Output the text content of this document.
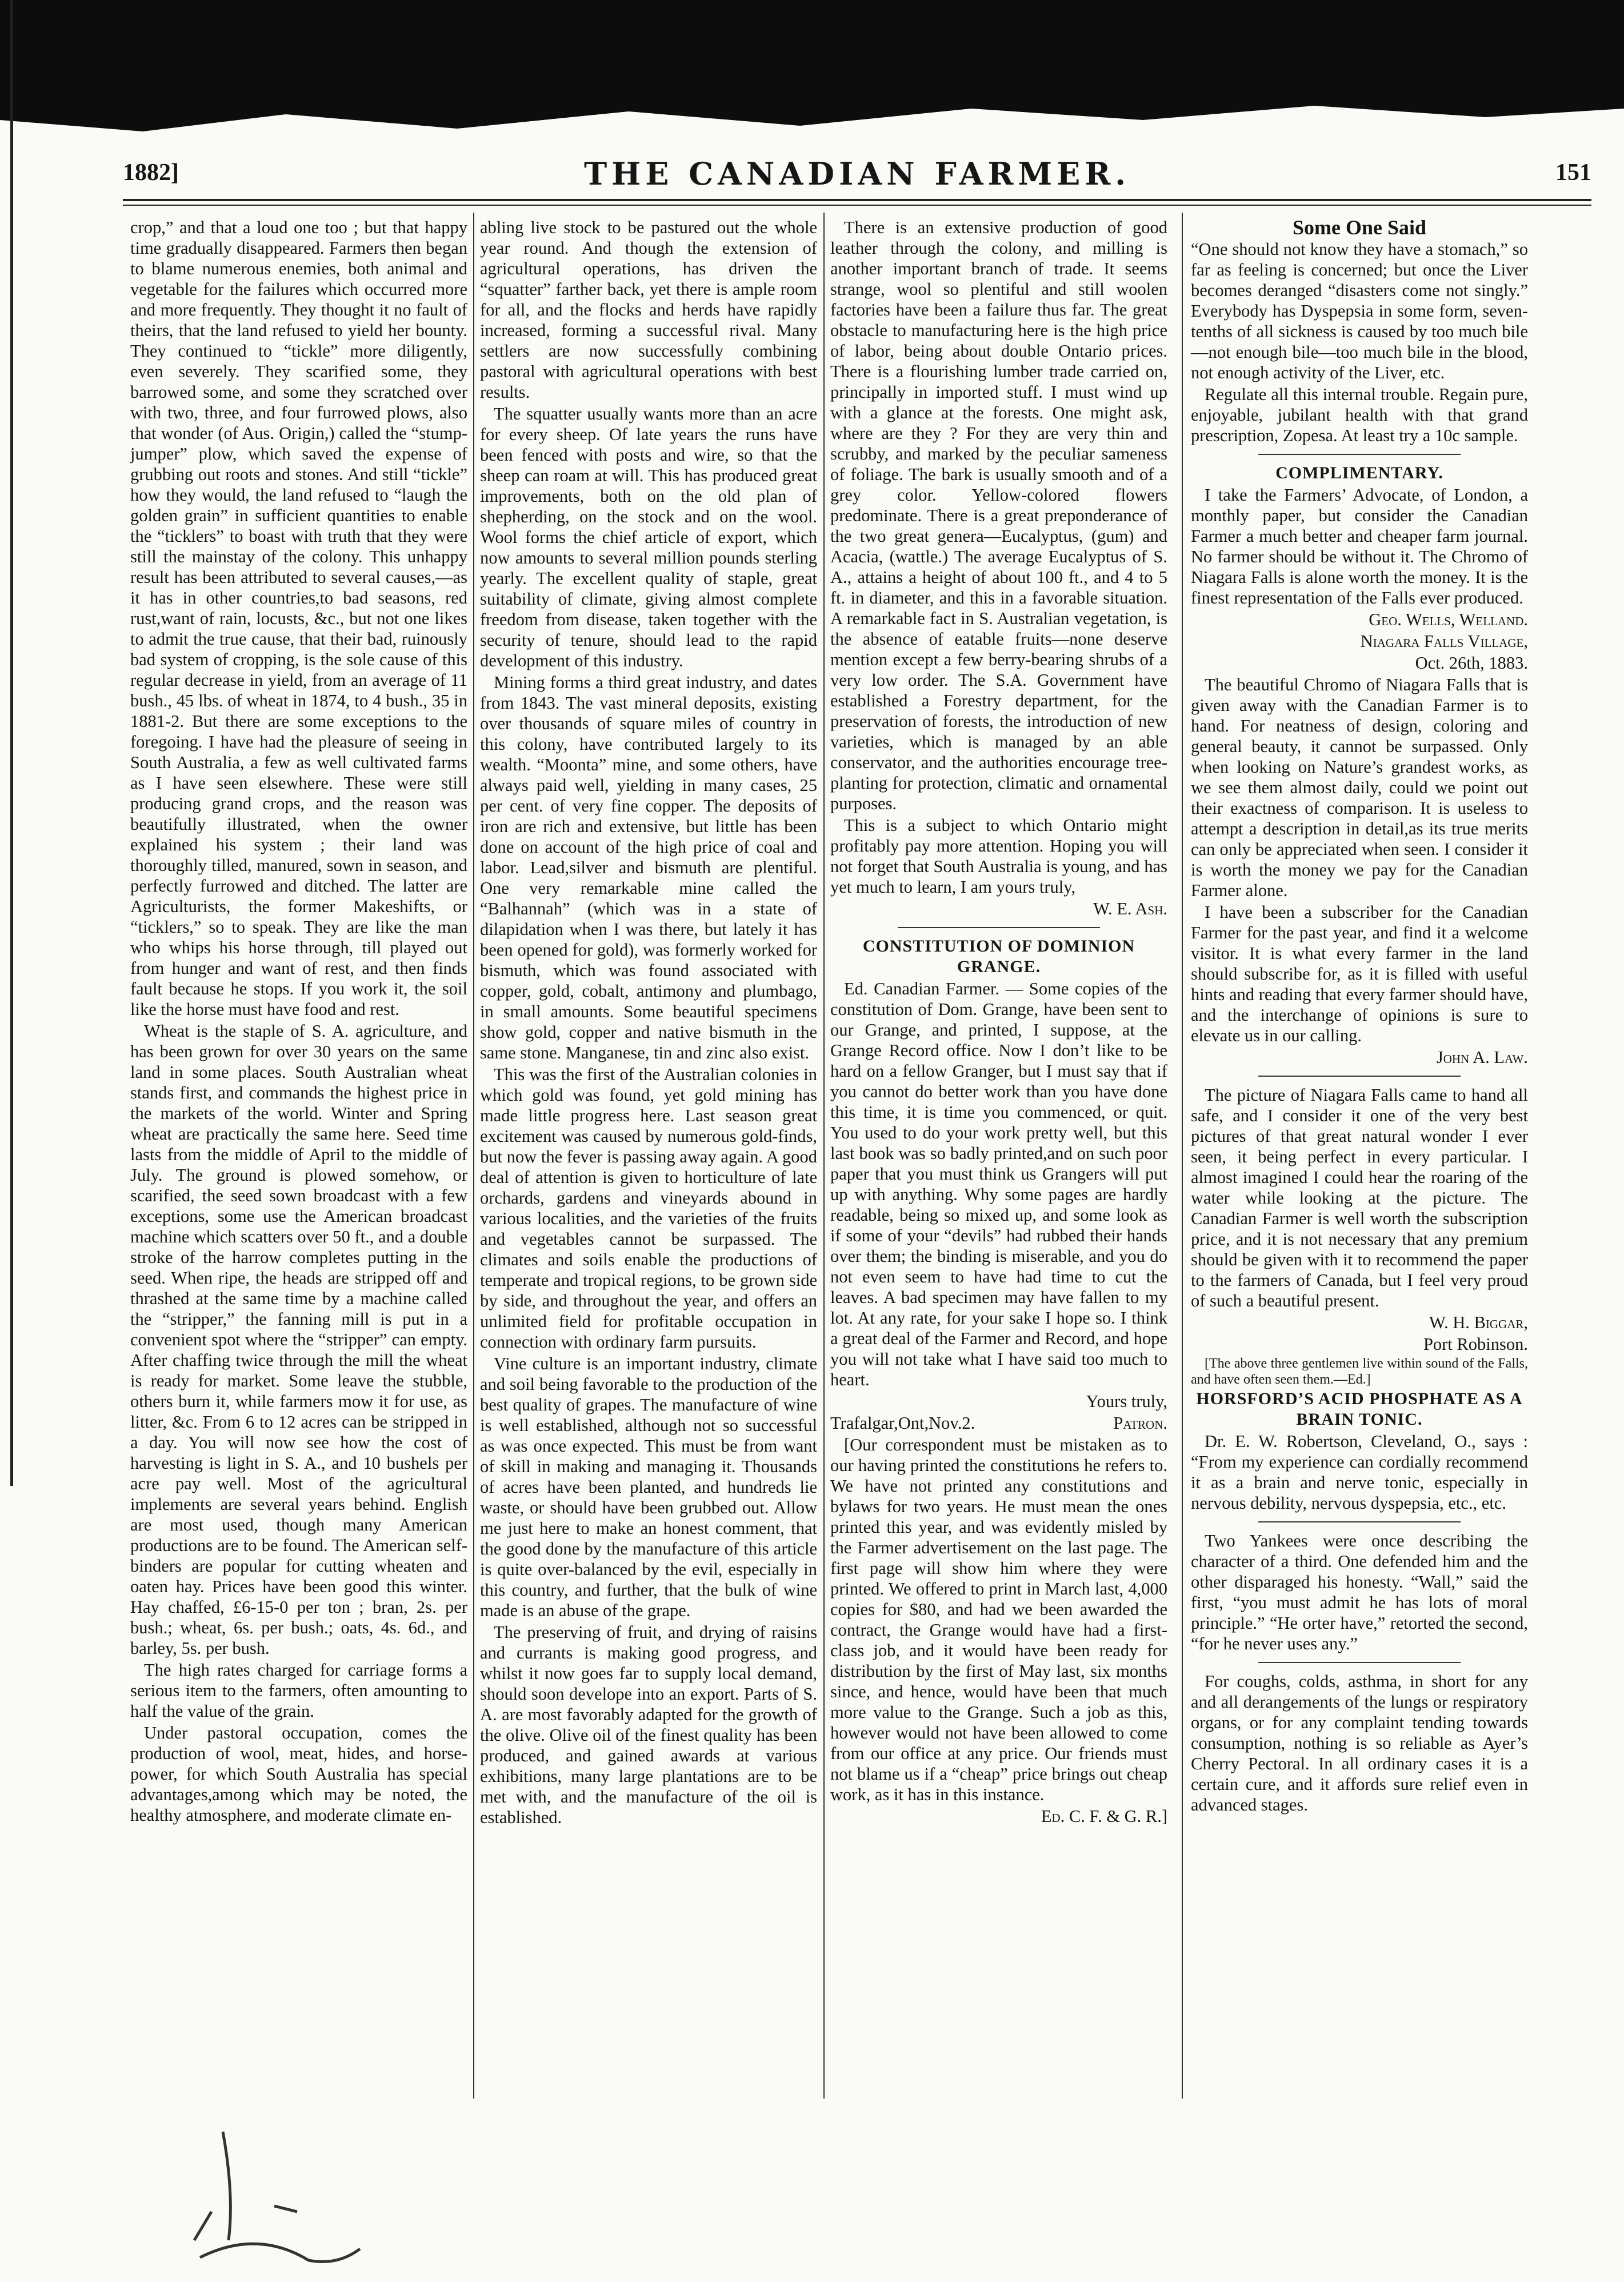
1882]	THE CANADIAN FARMER.	151

crop,” and that a loud one too ; but that happy time gradually disappeared. Farmers then began to blame numerous enemies, both animal and vegetable for the failures which occurred more and more frequently. They thought it no fault of theirs, that the land refused to yield her bounty. They continued to “tickle” more diligently, even severely. They scarified some, they barrowed some, and some they scratched over with two, three, and four furrowed plows, also that wonder (of Aus. Origin,) called the “stump-jumper” plow, which saved the expense of grubbing out roots and stones. And still “tickle” how they would, the land refused to “laugh the golden grain” in sufficient quantities to enable the “ticklers” to boast with truth that they were still the mainstay of the colony. This unhappy result has been attributed to several causes,—as it has in other countries,to bad seasons, red rust,want of rain, locusts, &c., but not one likes to admit the true cause, that their bad, ruinously bad system of cropping, is the sole cause of this regular decrease in yield, from an average of 11 bush., 45 lbs. of wheat in 1874, to 4 bush., 35 in 1881-2. But there are some exceptions to the foregoing. I have had the pleasure of seeing in South Australia, a few as well cultivated farms as I have seen elsewhere. These were still producing grand crops, and the reason was beautifully illustrated, when the owner explained his system ; their land was thoroughly tilled, manured, sown in season, and perfectly furrowed and ditched. The latter are Agriculturists, the former Makeshifts, or “ticklers,” so to speak. They are like the man who whips his horse through, till played out from hunger and want of rest, and then finds fault because he stops. If you work it, the soil like the horse must have food and rest.

Wheat is the staple of S. A. agriculture, and has been grown for over 30 years on the same land in some places. South Australian wheat stands first, and commands the highest price in the markets of the world. Winter and Spring wheat are practically the same here. Seed time lasts from the middle of April to the middle of July. The ground is plowed somehow, or scarified, the seed sown broadcast with a few exceptions, some use the American broadcast machine which scatters over 50 ft., and a double stroke of the harrow completes putting in the seed. When ripe, the heads are stripped off and thrashed at the same time by a machine called the “stripper,” the fanning mill is put in a convenient spot where the “stripper” can empty. After chaffing twice through the mill the wheat is ready for market. Some leave the stubble, others burn it, while farmers mow it for use, as litter, &c. From 6 to 12 acres can be stripped in a day. You will now see how the cost of harvesting is light in S. A., and 10 bushels per acre pay well. Most of the agricultural implements are several years behind. English are most used, though many American productions are to be found. The American self-binders are popular for cutting wheaten and oaten hay. Prices have been good this winter. Hay chaffed, £6-15-0 per ton ; bran, 2s. per bush.; wheat, 6s. per bush.; oats, 4s. 6d., and barley, 5s. per bush.

The high rates charged for carriage forms a serious item to the farmers, often amounting to half the value of the grain.

Under pastoral occupation, comes the production of wool, meat, hides, and horse-power, for which South Australia has special advantages,among which may be noted, the healthy atmosphere, and moderate climate en-

abling live stock to be pastured out the whole year round. And though the extension of agricultural operations, has driven the “squatter” farther back, yet there is ample room for all, and the flocks and herds have rapidly increased, forming a successful rival. Many settlers are now successfully combining pastoral with agricultural operations with best results.

The squatter usually wants more than an acre for every sheep. Of late years the runs have been fenced with posts and wire, so that the sheep can roam at will. This has produced great improvements, both on the old plan of shepherding, on the stock and on the wool. Wool forms the chief article of export, which now amounts to several million pounds sterling yearly. The excellent quality of staple, great suitability of climate, giving almost complete freedom from disease, taken together with the security of tenure, should lead to the rapid development of this industry.

Mining forms a third great industry, and dates from 1843. The vast mineral deposits, existing over thousands of square miles of country in this colony, have contributed largely to its wealth. “Moonta” mine, and some others, have always paid well, yielding in many cases, 25 per cent. of very fine copper. The deposits of iron are rich and extensive, but little has been done on account of the high price of coal and labor. Lead,silver and bismuth are plentiful. One very remarkable mine called the “Balhannah” (which was in a state of dilapidation when I was there, but lately it has been opened for gold), was formerly worked for bismuth, which was found associated with copper, gold, cobalt, antimony and plumbago, in small amounts. Some beautiful specimens show gold, copper and native bismuth in the same stone. Manganese, tin and zinc also exist.

This was the first of the Australian colonies in which gold was found, yet gold mining has made little progress here. Last season great excitement was caused by numerous gold-finds, but now the fever is passing away again. A good deal of attention is given to horticulture of late orchards, gardens and vineyards abound in various localities, and the varieties of the fruits and vegetables cannot be surpassed. The climates and soils enable the productions of temperate and tropical regions, to be grown side by side, and throughout the year, and offers an unlimited field for profitable occupation in connection with ordinary farm pursuits.

Vine culture is an important industry, climate and soil being favorable to the production of the best quality of grapes. The manufacture of wine is well established, although not so successful as was once expected. This must be from want of skill in making and managing it. Thousands of acres have been planted, and hundreds lie waste, or should have been grubbed out. Allow me just here to make an honest comment, that the good done by the manufacture of this article is quite over-balanced by the evil, especially in this country, and further, that the bulk of wine made is an abuse of the grape.

The preserving of fruit, and drying of raisins and currants is making good progress, and whilst it now goes far to supply local demand, should soon develope into an export. Parts of S. A. are most favorably adapted for the growth of the olive. Olive oil of the finest quality has been produced, and gained awards at various exhibitions, many large plantations are to be met with, and the manufacture of the oil is established.

There is an extensive production of good leather through the colony, and milling is another important branch of trade. It seems strange, wool so plentiful and still woolen factories have been a failure thus far. The great obstacle to manufacturing here is the high price of labor, being about double Ontario prices. There is a flourishing lumber trade carried on, principally in imported stuff. I must wind up with a glance at the forests. One might ask, where are they ? For they are very thin and scrubby, and marked by the peculiar sameness of foliage. The bark is usually smooth and of a grey color. Yellow-colored flowers predominate. There is a great preponderance of the two great genera—Eucalyptus, (gum) and Acacia, (wattle.) The average Eucalyptus of S. A., attains a height of about 100 ft., and 4 to 5 ft. in diameter, and this in a favorable situation. A remarkable fact in S. Australian vegetation, is the absence of eatable fruits—none deserve mention except a few berry-bearing shrubs of a very low order. The S.A. Government have established a Forestry department, for the preservation of forests, the introduction of new varieties, which is managed by an able conservator, and the authorities encourage tree-planting for protection, climatic and ornamental purposes.

This is a subject to which Ontario might profitably pay more attention. Hoping you will not forget that South Australia is young, and has yet much to learn, I am yours truly,

W. E. Ash.

CONSTITUTION OF DOMINION GRANGE.

Ed. Canadian Farmer. — Some copies of the constitution of Dom. Grange, have been sent to our Grange, and printed, I suppose, at the Grange Record office. Now I don’t like to be hard on a fellow Granger, but I must say that if you cannot do better work than you have done this time, it is time you commenced, or quit. You used to do your work pretty well, but this last book was so badly printed,and on such poor paper that you must think us Grangers will put up with anything. Why some pages are hardly readable, being so mixed up, and some look as if some of your “devils” had rubbed their hands over them; the binding is miserable, and you do not even seem to have had time to cut the leaves. A bad specimen may have fallen to my lot. At any rate, for your sake I hope so. I think a great deal of the Farmer and Record, and hope you will not take what I have said too much to heart.

Yours truly,

Trafalgar,Ont,Nov.2.	Patron.

[Our correspondent must be mistaken as to our having printed the constitutions he refers to. We have not printed any constitutions and bylaws for two years. He must mean the ones printed this year, and was evidently misled by the Farmer advertisement on the last page. The first page will show him where they were printed. We offered to print in March last, 4,000 copies for $80, and had we been awarded the contract, the Grange would have had a first-class job, and it would have been ready for distribution by the first of May last, six months since, and hence, would have been that much more value to the Grange. Such a job as this, however would not have been allowed to come from our office at any price. Our friends must not blame us if a “cheap” price brings out cheap work, as it has in this instance.

Ed. C. F. & G. R.]

Some One Said

“One should not know they have a stomach,” so far as feeling is concerned; but once the Liver becomes deranged “disasters come not singly.” Everybody has Dyspepsia in some form, seven-tenths of all sickness is caused by too much bile—not enough bile—too much bile in the blood, not enough activity of the Liver, etc.

Regulate all this internal trouble. Regain pure, enjoyable, jubilant health with that grand prescription, Zopesa. At least try a 10c sample.

COMPLIMENTARY.

I take the Farmers’ Advocate, of London, a monthly paper, but consider the Canadian Farmer a much better and cheaper farm journal. No farmer should be without it. The Chromo of Niagara Falls is alone worth the money. It is the finest representation of the Falls ever produced.

Geo. Wells, Welland.

Niagara Falls Village,

Oct. 26th, 1883.

The beautiful Chromo of Niagara Falls that is given away with the Canadian Farmer is to hand. For neatness of design, coloring and general beauty, it cannot be surpassed. Only when looking on Nature’s grandest works, as we see them almost daily, could we point out their exactness of comparison. It is useless to attempt a description in detail,as its true merits can only be appreciated when seen. I consider it is worth the money we pay for the Canadian Farmer alone.

I have been a subscriber for the Canadian Farmer for the past year, and find it a welcome visitor. It is what every farmer in the land should subscribe for, as it is filled with useful hints and reading that every farmer should have, and the interchange of opinions is sure to elevate us in our calling.

John A. Law.

The picture of Niagara Falls came to hand all safe, and I consider it one of the very best pictures of that great natural wonder I ever seen, it being perfect in every particular. I almost imagined I could hear the roaring of the water while looking at the picture. The Canadian Farmer is well worth the subscription price, and it is not necessary that any premium should be given with it to recommend the paper to the farmers of Canada, but I feel very proud of such a beautiful present.

W. H. Biggar,

Port Robinson.

[The above three gentlemen live within sound of the Falls, and have often seen them.—Ed.]

HORSFORD’S ACID PHOSPHATE AS A BRAIN TONIC.

Dr. E. W. Robertson, Cleveland, O., says : “From my experience can cordially recommend it as a brain and nerve tonic, especially in nervous debility, nervous dyspepsia, etc., etc.

Two Yankees were once describing the character of a third. One defended him and the other disparaged his honesty. “Wall,” said the first, “you must admit he has lots of moral principle.” “He orter have,” retorted the second, “for he never uses any.”

For coughs, colds, asthma, in short for any and all derangements of the lungs or respiratory organs, or for any complaint tending towards consumption, nothing is so reliable as Ayer’s Cherry Pectoral. In all ordinary cases it is a certain cure, and it affords sure relief even in advanced stages.
